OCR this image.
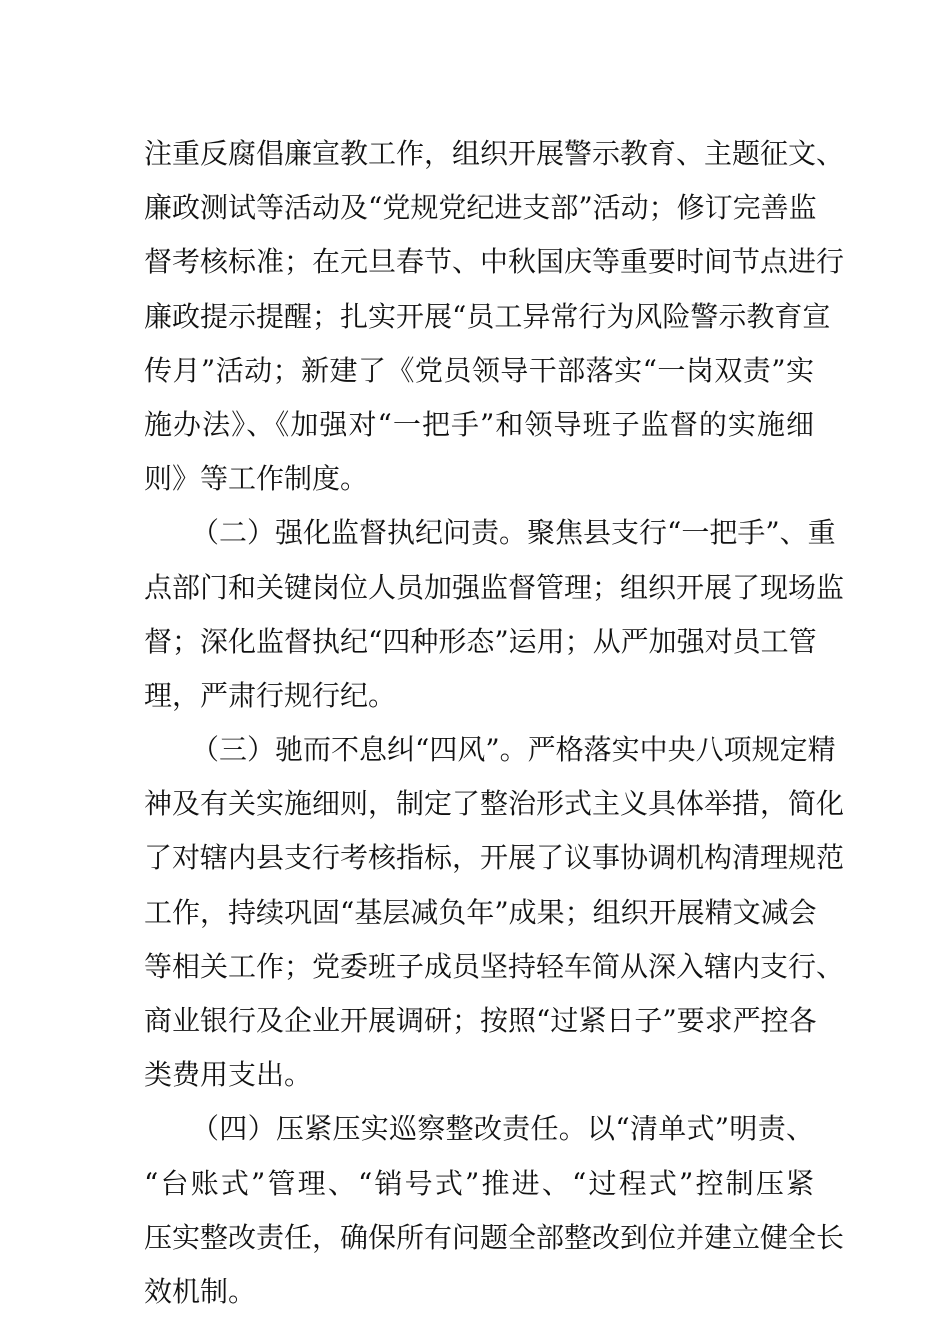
注重反腐倡廉宣教工作，组织开展警示教育、主题征文、
廉政测试等活动及“党规党纪进支部”活动；修订完善监
督考核标准；在元旦春节、中秋国庆等重要时间节点进行
廉政提示提醒；扎实开展“员工异常行为风险警示教育宣
传月”活动；新建了《党员领导干部落实“一岗双责”实
施办法》、《加强对“一把手”和领导班子监督的实施细
则》等工作制度。
（二）强化监督执纪问责。聚焦县支行“一把手”、重
点部门和关键岗位人员加强监督管理；组织开展了现场监
督；深化监督执纪“四种形态”运用；从严加强对员工管
理，严肃行规行纪。
（三）驰而不息纠“四风”。严格落实中央八项规定精
神及有关实施细则，制定了整治形式主义具体举措，简化
了对辖内县支行考核指标，开展了议事协调机构清理规范
工作，持续巩固“基层减负年”成果；组织开展精文减会
等相关工作；党委班子成员坚持轻车简从深入辖内支行、
商业银行及企业开展调研；按照“过紧日子”要求严控各
类费用支出。
（四）压紧压实巡察整改责任。以“清单式”明责、
“台账式”管理、“销号式”推进、“过程式”控制压紧
压实整改责任，确保所有问题全部整改到位并建立健全长
效机制。
